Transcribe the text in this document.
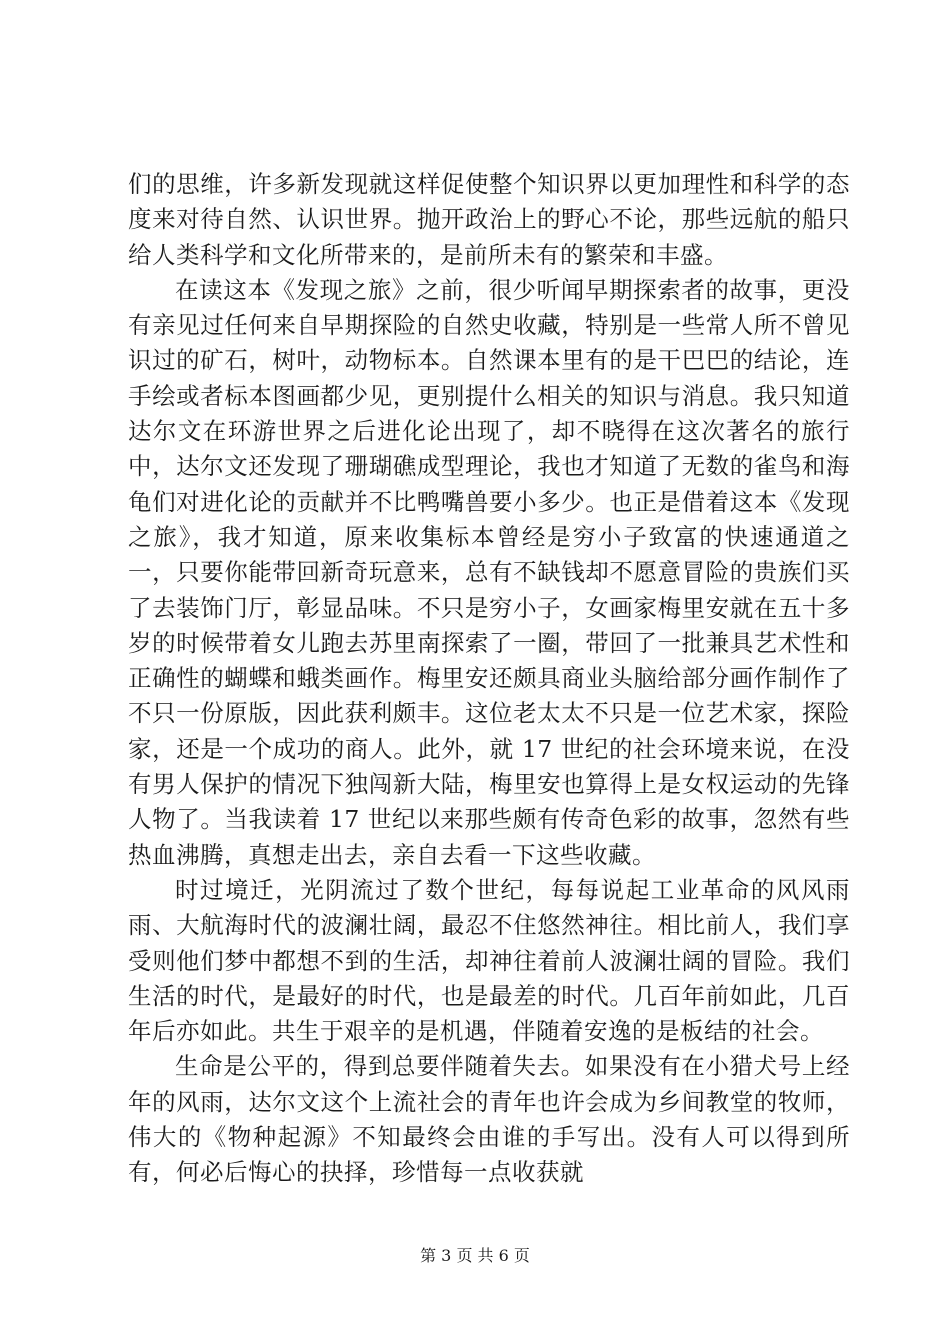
们的思维，许多新发现就这样促使整个知识界以更加理性和科学的态度来对待自然、认识世界。抛开政治上的野心不论，那些远航的船只给人类科学和文化所带来的，是前所未有的繁荣和丰盛。

在读这本《发现之旅》之前，很少听闻早期探索者的故事，更没有亲见过任何来自早期探险的自然史收藏，特别是一些常人所不曾见识过的矿石，树叶，动物标本。自然课本里有的是干巴巴的结论，连手绘或者标本图画都少见，更别提什么相关的知识与消息。我只知道达尔文在环游世界之后进化论出现了，却不晓得在这次著名的旅行中，达尔文还发现了珊瑚礁成型理论，我也才知道了无数的雀鸟和海龟们对进化论的贡献并不比鸭嘴兽要小多少。也正是借着这本《发现之旅》，我才知道，原来收集标本曾经是穷小子致富的快速通道之一，只要你能带回新奇玩意来，总有不缺钱却不愿意冒险的贵族们买了去装饰门厅，彰显品味。不只是穷小子，女画家梅里安就在五十多岁的时候带着女儿跑去苏里南探索了一圈，带回了一批兼具艺术性和正确性的蝴蝶和蛾类画作。梅里安还颇具商业头脑给部分画作制作了不只一份原版，因此获利颇丰。这位老太太不只是一位艺术家，探险家，还是一个成功的商人。此外，就 17 世纪的社会环境来说，在没有男人保护的情况下独闯新大陆，梅里安也算得上是女权运动的先锋人物了。当我读着 17 世纪以来那些颇有传奇色彩的故事，忽然有些热血沸腾，真想走出去，亲自去看一下这些收藏。

时过境迁，光阴流过了数个世纪，每每说起工业革命的风风雨雨、大航海时代的波澜壮阔，最忍不住悠然神往。相比前人，我们享受则他们梦中都想不到的生活，却神往着前人波澜壮阔的冒险。我们生活的时代，是最好的时代，也是最差的时代。几百年前如此，几百年后亦如此。共生于艰辛的是机遇，伴随着安逸的是板结的社会。

生命是公平的，得到总要伴随着失去。如果没有在小猎犬号上经年的风雨，达尔文这个上流社会的青年也许会成为乡间教堂的牧师，伟大的《物种起源》不知最终会由谁的手写出。没有人可以得到所有，何必后悔心的抉择，珍惜每一点收获就

第 3 页 共 6 页
